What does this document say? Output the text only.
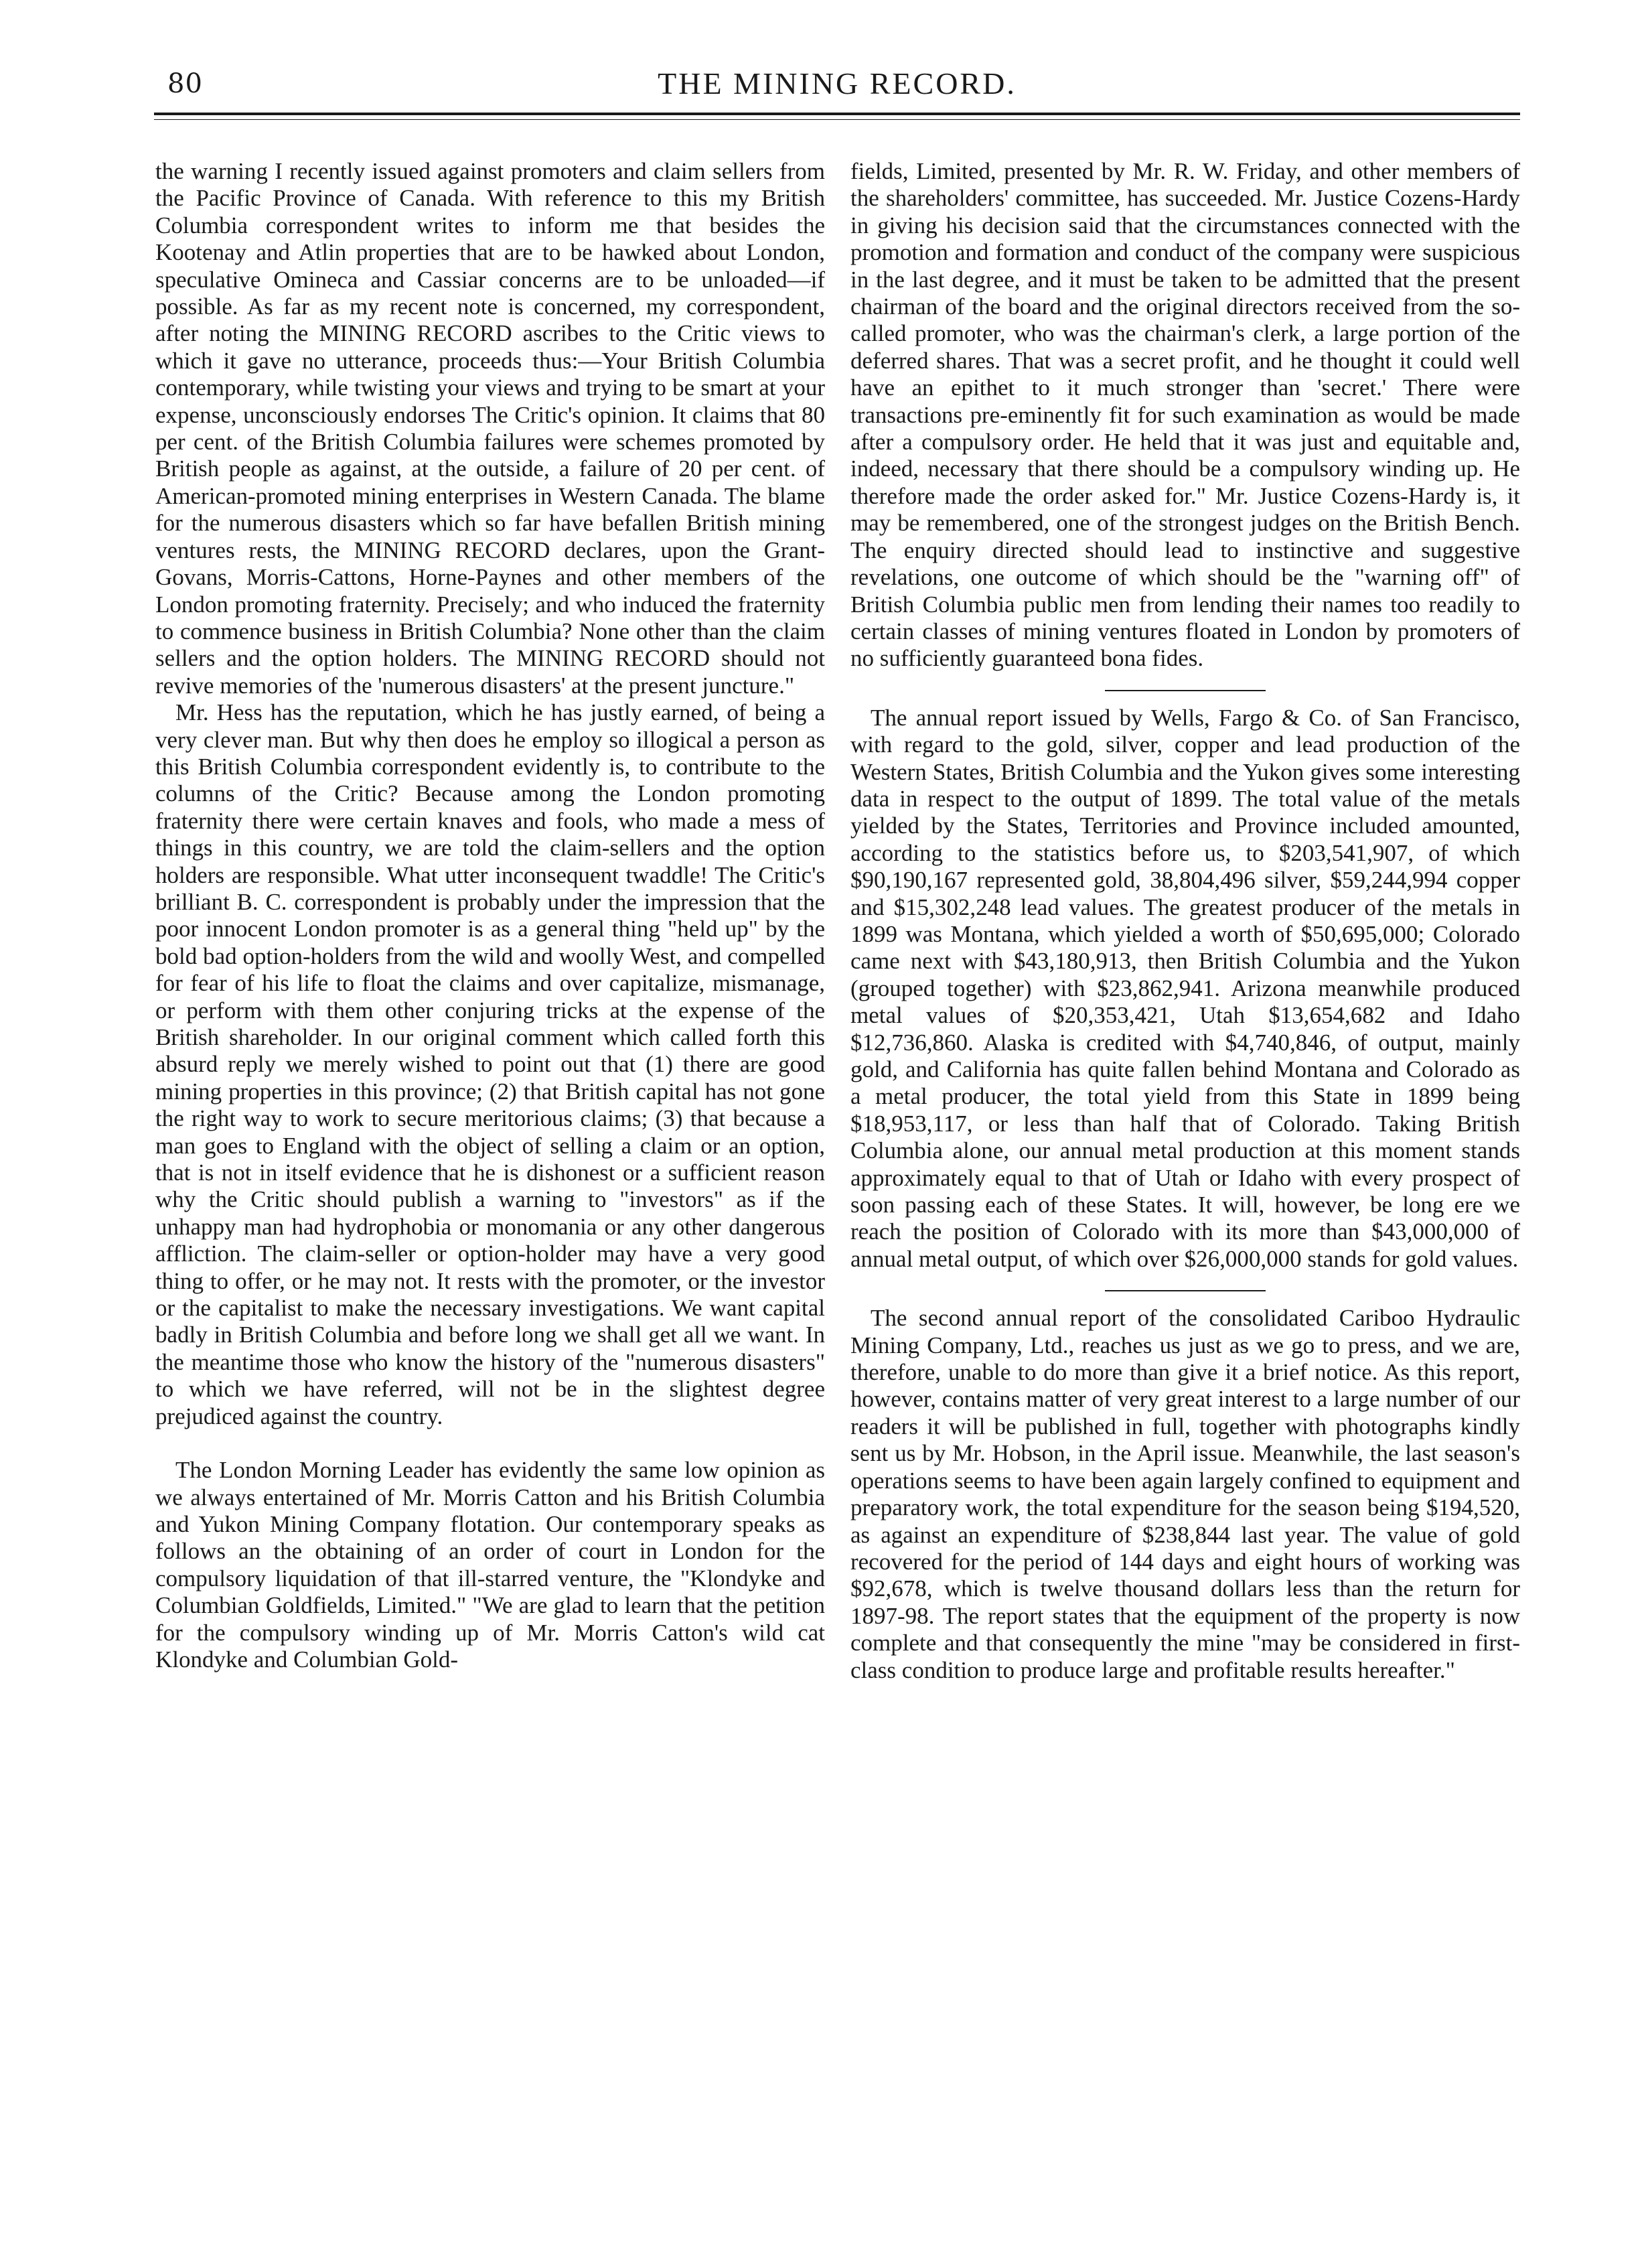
80	THE MINING RECORD.

the warning I recently issued against promoters and claim sellers from the Pacific Province of Canada. With reference to this my British Columbia correspondent writes to inform me that besides the Kootenay and Atlin properties that are to be hawked about London, speculative Omineca and Cassiar concerns are to be unloaded—if possible. As far as my recent note is concerned, my correspondent, after noting the MINING RECORD ascribes to the Critic views to which it gave no utterance, proceeds thus:—Your British Columbia contemporary, while twisting your views and trying to be smart at your expense, unconsciously endorses The Critic's opinion. It claims that 80 per cent. of the British Columbia failures were schemes promoted by British people as against, at the outside, a failure of 20 per cent. of American-promoted mining enterprises in Western Canada. The blame for the numerous disasters which so far have befallen British mining ventures rests, the MINING RECORD declares, upon the Grant-Govans, Morris-Cattons, Horne-Paynes and other members of the London promoting fraternity. Precisely; and who induced the fraternity to commence business in British Columbia? None other than the claim sellers and the option holders. The MINING RECORD should not revive memories of the 'numerous disasters' at the present juncture."

Mr. Hess has the reputation, which he has justly earned, of being a very clever man. But why then does he employ so illogical a person as this British Columbia correspondent evidently is, to contribute to the columns of the Critic? Because among the London promoting fraternity there were certain knaves and fools, who made a mess of things in this country, we are told the claim-sellers and the option holders are responsible. What utter inconsequent twaddle! The Critic's brilliant B. C. correspondent is probably under the impression that the poor innocent London promoter is as a general thing "held up" by the bold bad option-holders from the wild and woolly West, and compelled for fear of his life to float the claims and over capitalize, mismanage, or perform with them other conjuring tricks at the expense of the British shareholder. In our original comment which called forth this absurd reply we merely wished to point out that (1) there are good mining properties in this province; (2) that British capital has not gone the right way to work to secure meritorious claims; (3) that because a man goes to England with the object of selling a claim or an option, that is not in itself evidence that he is dishonest or a sufficient reason why the Critic should publish a warning to "investors" as if the unhappy man had hydrophobia or monomania or any other dangerous affliction. The claim-seller or option-holder may have a very good thing to offer, or he may not. It rests with the promoter, or the investor or the capitalist to make the necessary investigations. We want capital badly in British Columbia and before long we shall get all we want. In the meantime those who know the history of the "numerous disasters" to which we have referred, will not be in the slightest degree prejudiced against the country.

The London Morning Leader has evidently the same low opinion as we always entertained of Mr. Morris Catton and his British Columbia and Yukon Mining Company flotation. Our contemporary speaks as follows an the obtaining of an order of court in London for the compulsory liquidation of that ill-starred venture, the "Klondyke and Columbian Goldfields, Limited." "We are glad to learn that the petition for the compulsory winding up of Mr. Morris Catton's wild cat Klondyke and Columbian Gold-

fields, Limited, presented by Mr. R. W. Friday, and other members of the shareholders' committee, has succeeded. Mr. Justice Cozens-Hardy in giving his decision said that the circumstances connected with the promotion and formation and conduct of the company were suspicious in the last degree, and it must be taken to be admitted that the present chairman of the board and the original directors received from the so-called promoter, who was the chairman's clerk, a large portion of the deferred shares. That was a secret profit, and he thought it could well have an epithet to it much stronger than 'secret.' There were transactions pre-eminently fit for such examination as would be made after a compulsory order. He held that it was just and equitable and, indeed, necessary that there should be a compulsory winding up. He therefore made the order asked for." Mr. Justice Cozens-Hardy is, it may be remembered, one of the strongest judges on the British Bench. The enquiry directed should lead to instinctive and suggestive revelations, one outcome of which should be the "warning off" of British Columbia public men from lending their names too readily to certain classes of mining ventures floated in London by promoters of no sufficiently guaranteed bona fides.

The annual report issued by Wells, Fargo & Co. of San Francisco, with regard to the gold, silver, copper and lead production of the Western States, British Columbia and the Yukon gives some interesting data in respect to the output of 1899. The total value of the metals yielded by the States, Territories and Province included amounted, according to the statistics before us, to $203,541,907, of which $90,190,167 represented gold, 38,804,496 silver, $59,244,994 copper and $15,302,248 lead values. The greatest producer of the metals in 1899 was Montana, which yielded a worth of $50,695,000; Colorado came next with $43,180,913, then British Columbia and the Yukon (grouped together) with $23,862,941. Arizona meanwhile produced metal values of $20,353,421, Utah $13,654,682 and Idaho $12,736,860. Alaska is credited with $4,740,846, of output, mainly gold, and California has quite fallen behind Montana and Colorado as a metal producer, the total yield from this State in 1899 being $18,953,117, or less than half that of Colorado. Taking British Columbia alone, our annual metal production at this moment stands approximately equal to that of Utah or Idaho with every prospect of soon passing each of these States. It will, however, be long ere we reach the position of Colorado with its more than $43,000,000 of annual metal output, of which over $26,000,000 stands for gold values.

The second annual report of the consolidated Cariboo Hydraulic Mining Company, Ltd., reaches us just as we go to press, and we are, therefore, unable to do more than give it a brief notice. As this report, however, contains matter of very great interest to a large number of our readers it will be published in full, together with photographs kindly sent us by Mr. Hobson, in the April issue. Meanwhile, the last season's operations seems to have been again largely confined to equipment and preparatory work, the total expenditure for the season being $194,520, as against an expenditure of $238,844 last year. The value of gold recovered for the period of 144 days and eight hours of working was $92,678, which is twelve thousand dollars less than the return for 1897-98. The report states that the equipment of the property is now complete and that consequently the mine "may be considered in first-class condition to produce large and profitable results hereafter."
